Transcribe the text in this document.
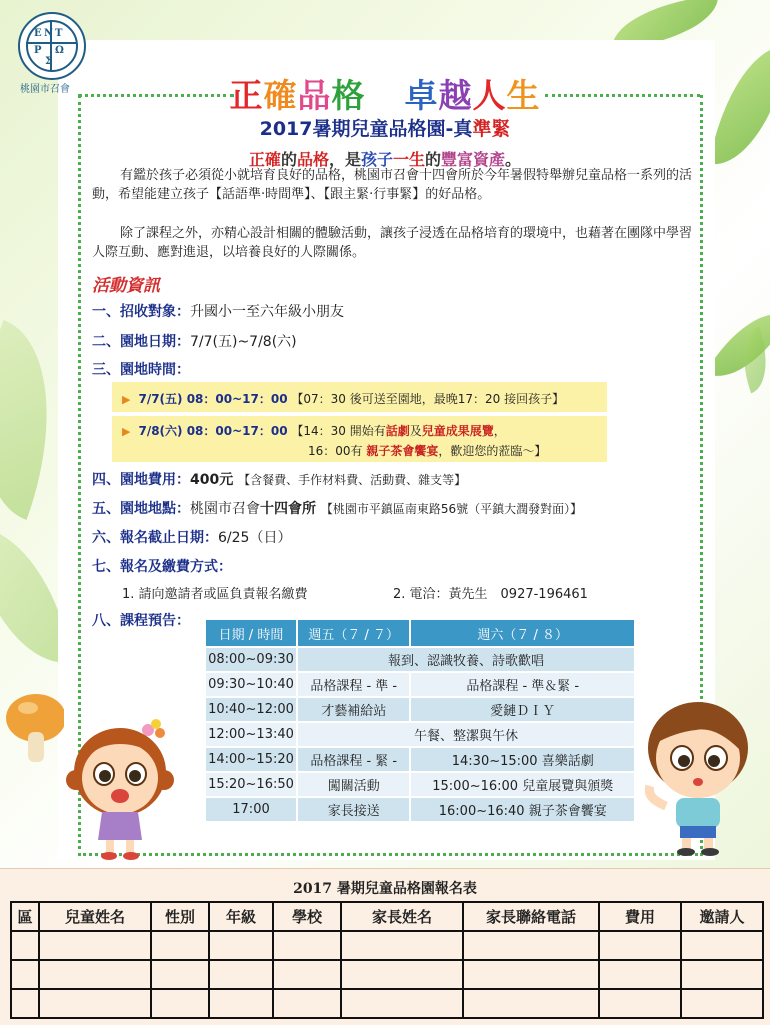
E N T
P Ω
Σ
桃園市召會	正確品格 卓越人生
2017暑期兒童品格園-真準緊
正確的品格，是孩子一生的豐富資產。
有鑑於孩子必須從小就培育良好的品格，桃園市召會十四會所於今年暑假特舉辦兒童品格一系列的活動，希望能建立孩子【話語準‧時間準】、【跟主緊‧行事緊】的好品格。
除了課程之外，亦精心設計相關的體驗活動，讓孩子浸透在品格培育的環境中，也藉著在團隊中學習人際互動、應對進退，以培養良好的人際關係。
活動資訊
一、招收對象：升國小一至六年級小朋友
二、園地日期：7/7(五)~7/8(六)
三、園地時間：
▶ 7/7(五) 08：00~17：00 【07：30 後可送至園地，最晚17：20 接回孩子】
▶ 7/8(六) 08：00~17：00 【14：30 開始有話劇及兒童成果展覽，
16：00有 親子茶會饗宴，歡迎您的蒞臨～】
四、園地費用：400元 【含餐費、手作材料費、活動費、雜支等】
五、園地地點：桃園市召會十四會所 【桃園市平鎮區南東路56號（平鎮大潤發對面）】
六、報名截止日期：6/25（日）
七、報名及繳費方式：
1. 請向邀請者或區負責報名繳費	2. 電洽：黃先生　0927-196461
八、課程預告：
日期 / 時間	週五（７ / ７）	週六（７ / ８）
08:00~09:30	報到、認識牧養、詩歌歡唱	
09:30~10:40	品格課程 - 準 -	品格課程 - 準＆緊 -
10:40~12:00	才藝補給站	愛鏈ＤＩＹ
12:00~13:40	午餐、整潔與午休	
14:00~15:20	品格課程 - 緊 -	14:30~15:00 喜樂話劇
15:20~16:50	闖關活動	15:00~16:00 兒童展覽與頒獎
17:00	家長接送	16:00~16:40 親子茶會饗宴
2017 暑期兒童品格園報名表
區	兒童姓名	性別	年級	學校	家長姓名	家長聯絡電話	費用	邀請人
